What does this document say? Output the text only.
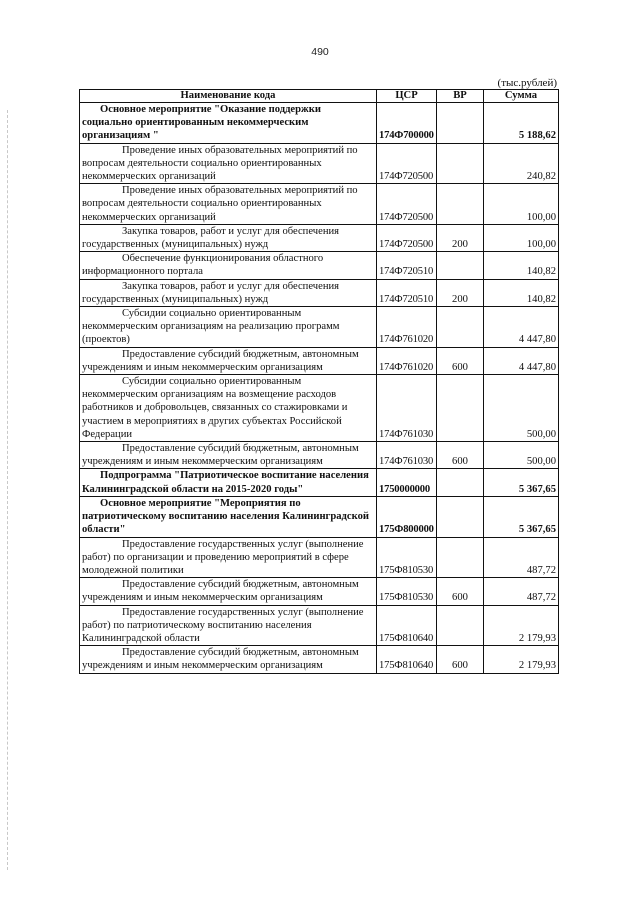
490
(тыс.рублей)
Наименование кода	ЦСР	ВР	Сумма

Основное мероприятие "Оказание поддержки социально ориентированным некоммерческим организациям "	174Ф700000		5 188,62

Проведение иных образовательных мероприятий по вопросам деятельности социально ориентированных некоммерческих организаций	174Ф720500		240,82

Проведение иных образовательных мероприятий по вопросам деятельности социально ориентированных некоммерческих организаций	174Ф720500		100,00

Закупка товаров, работ и услуг для обеспечения государственных (муниципальных) нужд	174Ф720500	200	100,00

Обеспечение функционирования областного информационного портала	174Ф720510		140,82

Закупка товаров, работ и услуг для обеспечения государственных (муниципальных) нужд	174Ф720510	200	140,82

Субсидии социально ориентированным некоммерческим организациям на реализацию программ (проектов)	174Ф761020		4 447,80

Предоставление субсидий бюджетным, автономным учреждениям и иным некоммерческим организациям	174Ф761020	600	4 447,80

Субсидии социально ориентированным некоммерческим организациям на возмещение расходов работников и добровольцев, связанных со стажировками и участием в мероприятиях в других субъектах Российской Федерации	174Ф761030		500,00

Предоставление субсидий бюджетным, автономным учреждениям и иным некоммерческим организациям	174Ф761030	600	500,00

Подпрограмма "Патриотическое воспитание населения Калининградской области на 2015-2020 годы"	1750000000		5 367,65

Основное мероприятие "Мероприятия по патриотическому воспитанию населения Калининградской области"	175Ф800000		5 367,65

Предоставление государственных услуг (выполнение работ) по организации и проведению мероприятий в сфере молодежной политики	175Ф810530		487,72

Предоставление субсидий бюджетным, автономным учреждениям и иным некоммерческим организациям	175Ф810530	600	487,72

Предоставление государственных услуг (выполнение работ) по патриотическому воспитанию населения Калининградской области	175Ф810640		2 179,93

Предоставление субсидий бюджетным, автономным учреждениям и иным некоммерческим организациям	175Ф810640	600	2 179,93
